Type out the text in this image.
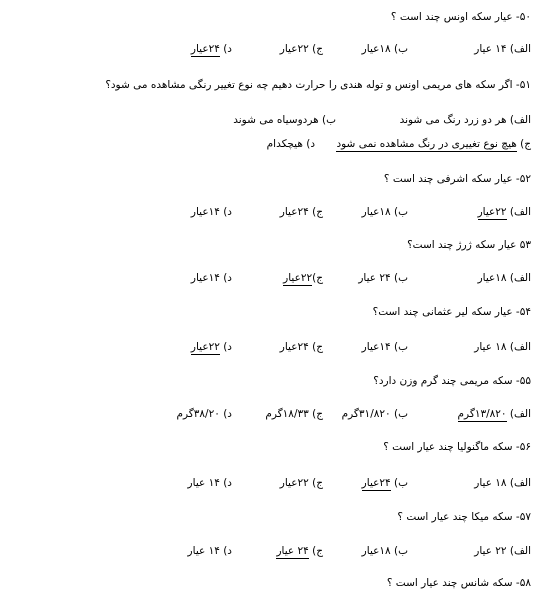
۵۰- عیار سکه اونس چند است ؟
الف) ۱۴ عیار
ب) ۱۸عیار
ج) ۲۲عیار
د) ۲۴عیار
۵۱- اگر سکه های مریمی اونس و توله هندی را حرارت دهیم چه نوع تغییر رنگی مشاهده می شود؟
الف) هر دو زرد رنگ می شوند
ب) هردوسیاه می شوند
ج) هیچ نوع تغییری در رنگ مشاهده نمی شود
د) هیچکدام
۵۲- عیار سکه اشرفی چند است ؟
الف) ۲۲عیار
ب) ۱۸عیار
ج) ۲۴عیار
د) ۱۴عیار
۵۳ عیار سکه ژرژ چند است؟
الف) ۱۸عیار
ب) ۲۴ عیار
ج)۲۲عیار
د) ۱۴عیار
۵۴- عیار سکه لیر عثمانی چند است؟
الف) ۱۸ عیار
ب) ۱۴عیار
ج) ۲۴عیار
د) ۲۲عیار
۵۵- سکه مریمی چند گرم وزن دارد؟
الف) ۱۳/۸۲۰گرم
ب) ۳۱/۸۲۰گرم
ج) ۱۸/۳۳گرم
د) ۳۸/۲۰گرم
۵۶- سکه ماگنولیا چند عیار است ؟
الف) ۱۸ عیار
ب) ۲۴عیار
ج) ۲۲عیار
د) ۱۴ عیار
۵۷- سکه میکا چند عیار است ؟
الف) ۲۲ عیار
ب) ۱۸عیار
ج) ۲۴ عیار
د) ۱۴ عیار
۵۸- سکه شانس چند عیار است ؟
